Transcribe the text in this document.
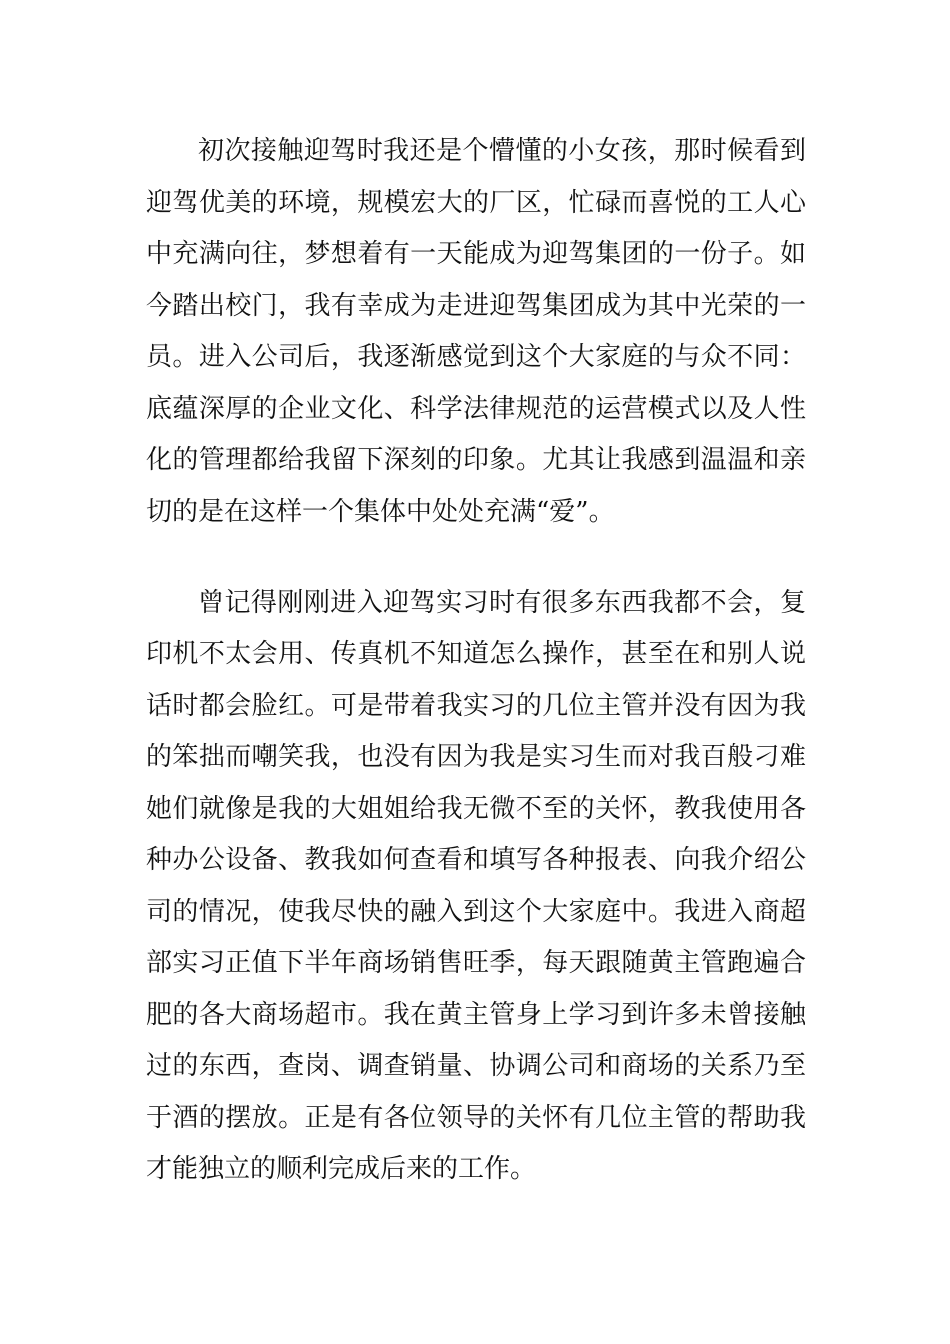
初次接触迎驾时我还是个懵懂的小女孩，那时候看到
迎驾优美的环境，规模宏大的厂区，忙碌而喜悦的工人心
中充满向往，梦想着有一天能成为迎驾集团的一份子。如
今踏出校门，我有幸成为走进迎驾集团成为其中光荣的一
员。进入公司后，我逐渐感觉到这个大家庭的与众不同：
底蕴深厚的企业文化、科学法律规范的运营模式以及人性
化的管理都给我留下深刻的印象。尤其让我感到温温和亲
切的是在这样一个集体中处处充满“爱”。
曾记得刚刚进入迎驾实习时有很多东西我都不会，复
印机不太会用、传真机不知道怎么操作，甚至在和别人说
话时都会脸红。可是带着我实习的几位主管并没有因为我
的笨拙而嘲笑我，也没有因为我是实习生而对我百般刁难
她们就像是我的大姐姐给我无微不至的关怀，教我使用各
种办公设备、教我如何查看和填写各种报表、向我介绍公
司的情况，使我尽快的融入到这个大家庭中。我进入商超
部实习正值下半年商场销售旺季，每天跟随黄主管跑遍合
肥的各大商场超市。我在黄主管身上学习到许多未曾接触
过的东西，查岗、调查销量、协调公司和商场的关系乃至
于酒的摆放。正是有各位领导的关怀有几位主管的帮助我
才能独立的顺利完成后来的工作。
